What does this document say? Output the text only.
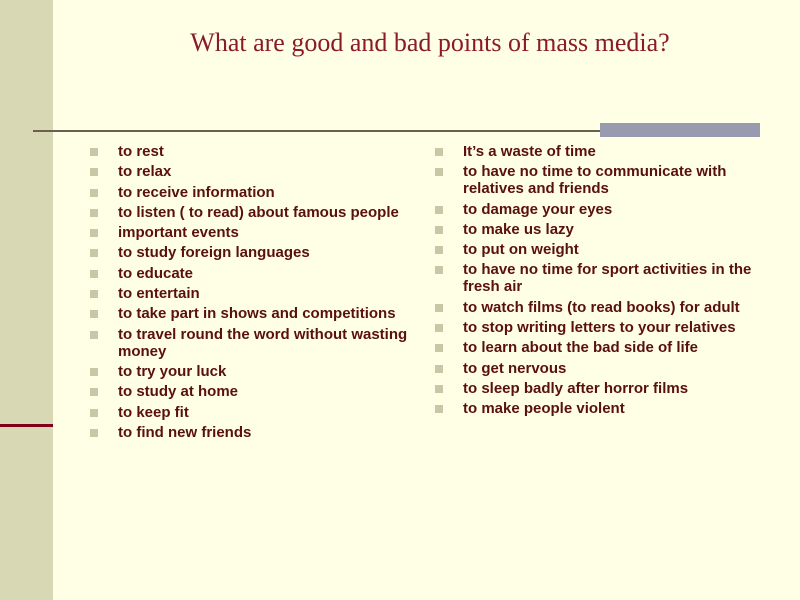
What are good and bad points of mass media?
to rest
to relax
to receive information
to listen ( to read) about famous people
important events
to study foreign languages
to educate
to entertain
to take part in shows and competitions
to travel round the word without wasting money
to try your luck
to study at home
to keep fit
to find new friends
It’s a waste of time
to have no time to communicate with relatives and friends
to damage your eyes
to make us lazy
to put on weight
to have no time for sport activities in the fresh air
to watch films (to read books) for adult
to stop writing letters to your relatives
to learn about the bad side of life
to get nervous
to sleep badly after horror films
to make people violent
